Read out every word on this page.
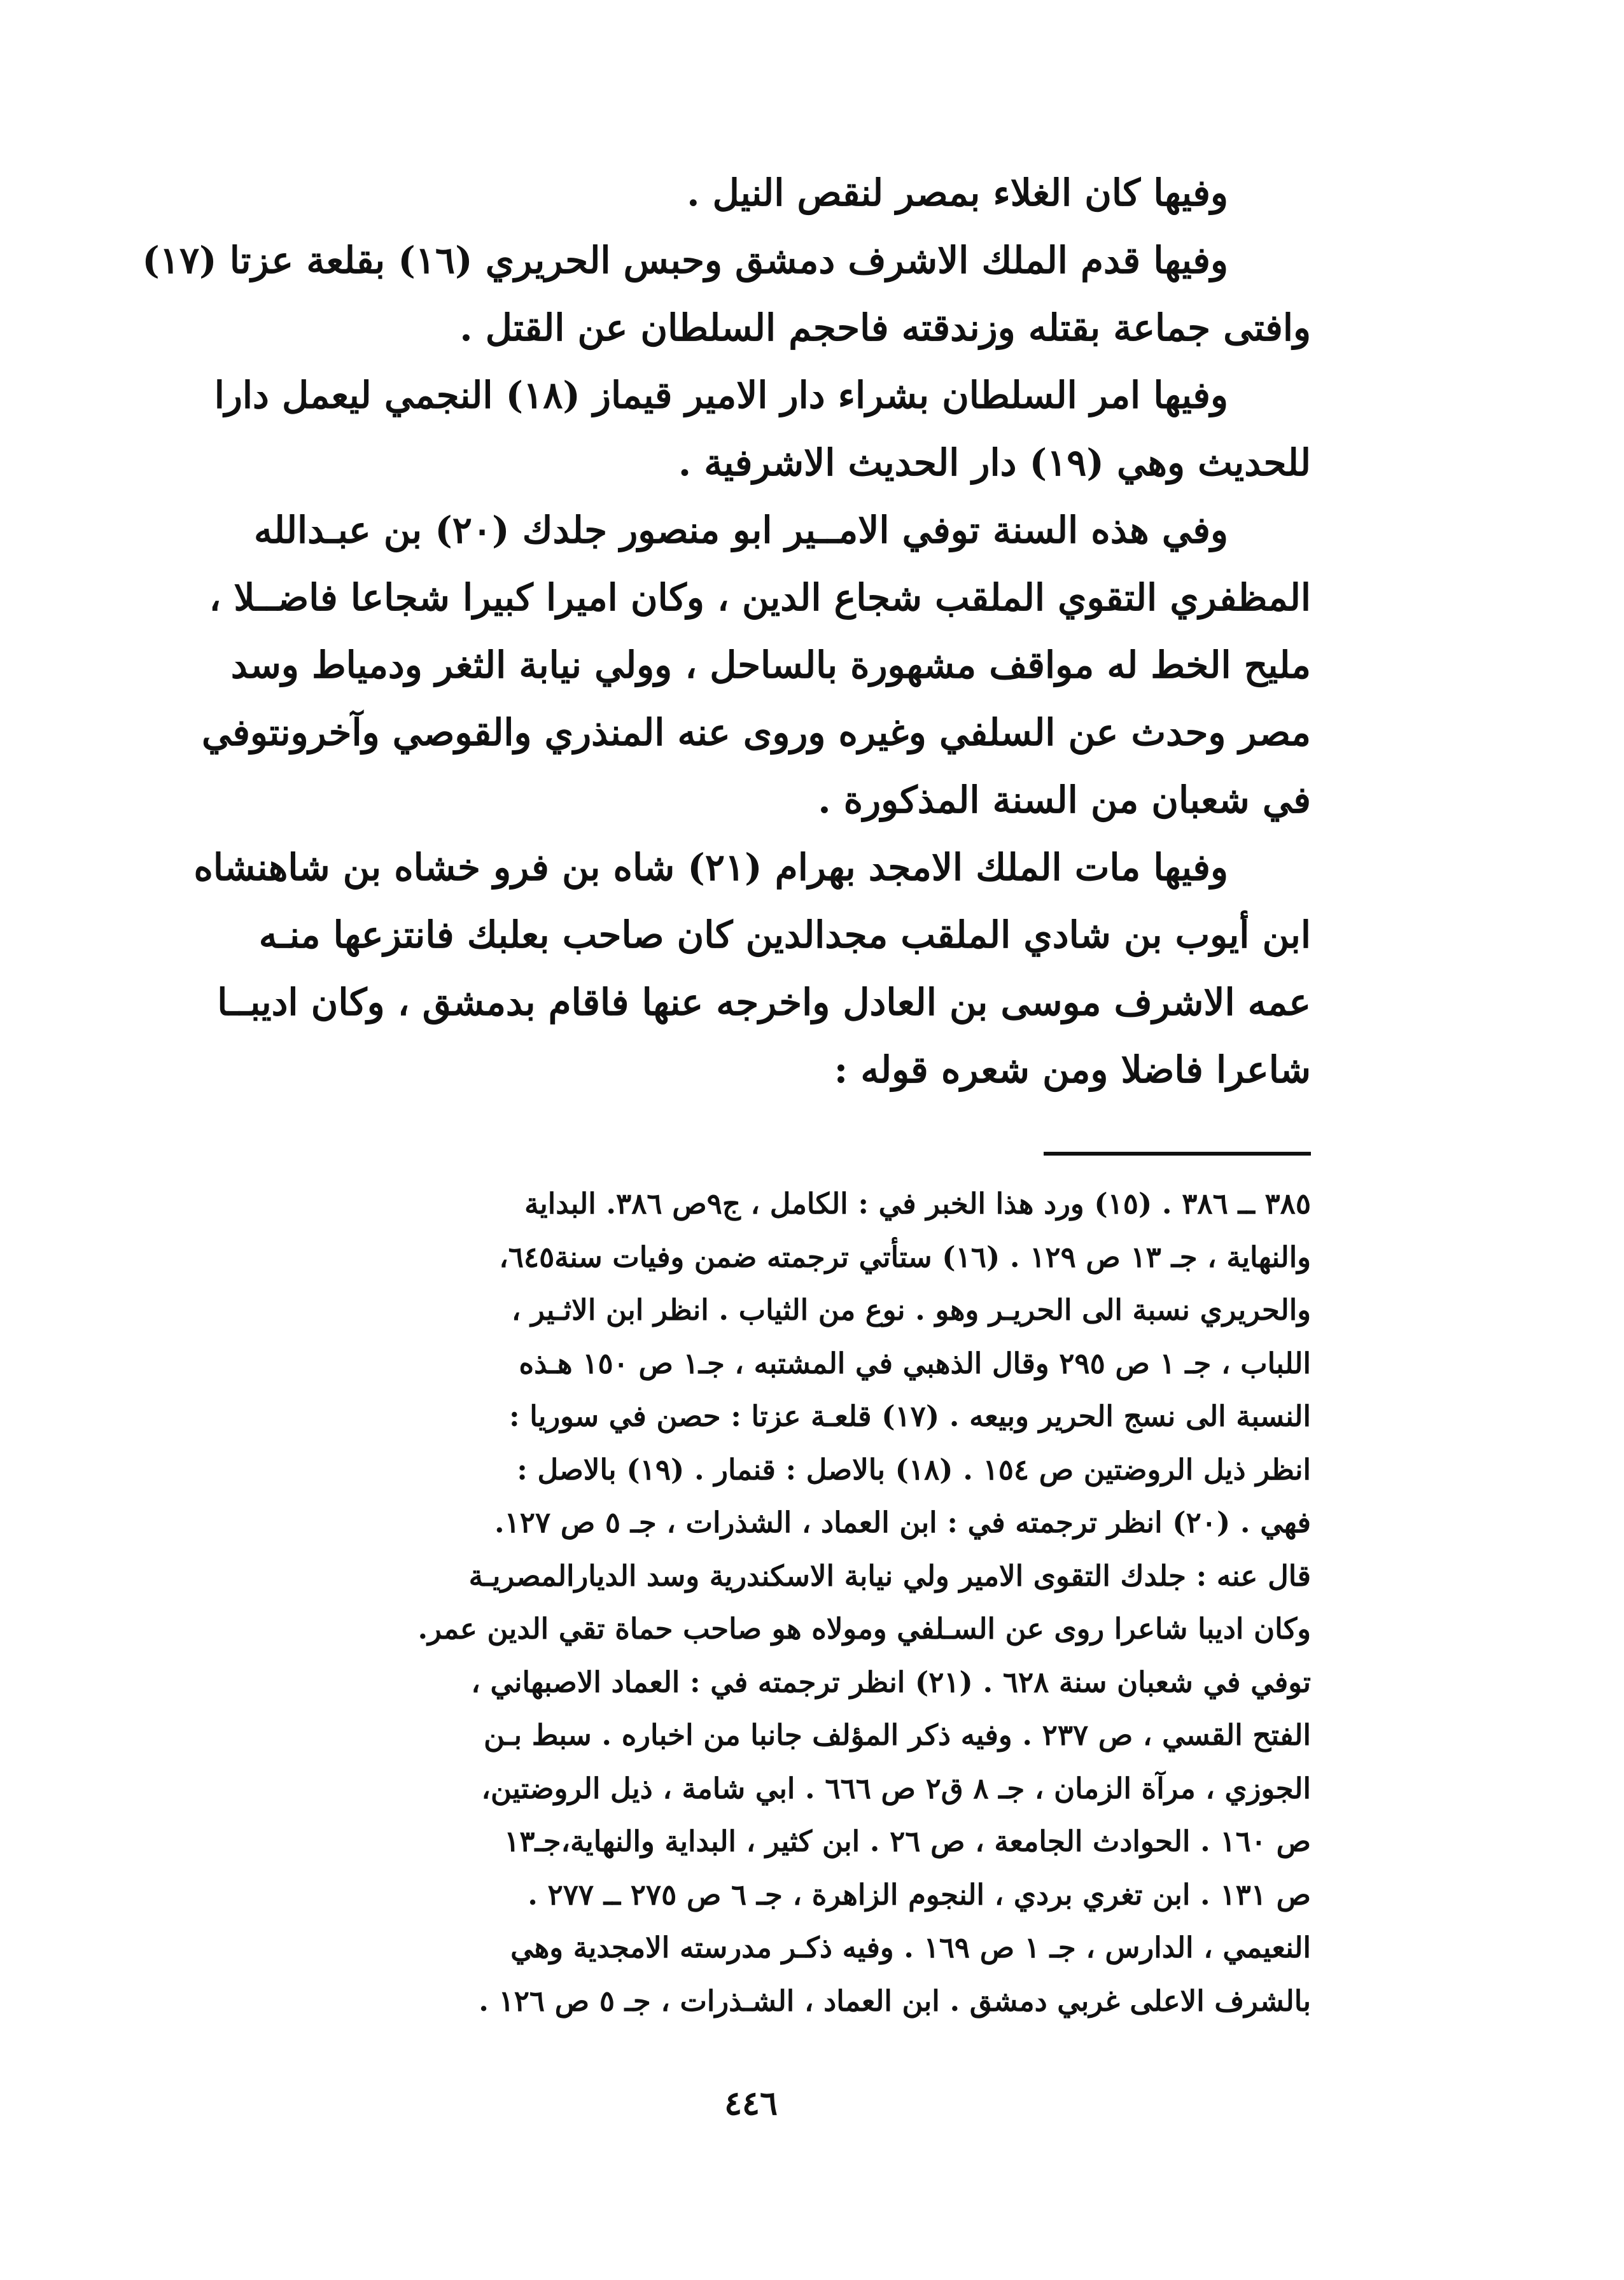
وفيها كان الغلاء بمصر لنقص النيل .

وفيها قدم الملك الاشرف دمشق وحبس الحريري (١٦) بقلعة عزتا (١٧)
وافتى جماعة بقتله وزندقته فاحجم السلطان عن القتل .

وفيها امر السلطان بشراء دار الامير قيماز (١٨) النجمي ليعمل دارا
للحديث وهي (١٩) دار الحديث الاشرفية .

وفي هذه السنة توفي الامــير ابو منصور جلدك (٢٠) بن عبـدالله
المظفري التقوي الملقب شجاع الدين ، وكان اميرا كبيرا شجاعا فاضــلا ،
مليح الخط له مواقف مشهورة بالساحل ، وولي نيابة الثغر ودمياط وسد
مصر وحدث عن السلفي وغيره وروى عنه المنذري والقوصي وآخرونتوفي
في شعبان من السنة المذكورة .

وفيها مات الملك الامجد بهرام (٢١) شاه بن فرو خشاه بن شاهنشاه
ابن أيوب بن شادي الملقب مجدالدين كان صاحب بعلبك فانتزعها منـه
عمه الاشرف موسى بن العادل واخرجه عنها فاقام بدمشق ، وكان اديبــا
شاعرا فاضلا ومن شعره قوله :

٣٨٥ ــ ٣٨٦ . (١٥) ورد هذا الخبر في : الكامل ، ج٩ص ٣٨٦. البداية
والنهاية ، جـ ١٣ ص ١٢٩ . (١٦) ستأتي ترجمته ضمن وفيات سنة٦٤٥،
والحريري نسبة الى الحريـر وهو . نوع من الثياب . انظر ابن الاثـير ،
اللباب ، جـ ١ ص ٢٩٥ وقال الذهبي في المشتبه ، جـ١ ص ١٥٠ هـذه
النسبة الى نسج الحرير وبيعه . (١٧) قلعـة عزتا : حصن في سوريا :
انظر ذيل الروضتين ص ١٥٤ . (١٨) بالاصل : قنمار . (١٩) بالاصل :
فهي . (٢٠) انظر ترجمته في : ابن العماد ، الشذرات ، جـ ٥ ص ١٢٧.
قال عنه : جلدك التقوى الامير ولي نيابة الاسكندرية وسد الديارالمصريـة
وكان اديبا شاعرا روى عن السـلفي ومولاه هو صاحب حماة تقي الدين عمر.
توفي في شعبان سنة ٦٢٨ . (٢١) انظر ترجمته في : العماد الاصبهاني ،
الفتح القسي ، ص ٢٣٧ . وفيه ذكر المؤلف جانبا من اخباره . سبط بـن
الجوزي ، مرآة الزمان ، جـ ٨ ق٢ ص ٦٦٦ . ابي شامة ، ذيل الروضتين،
ص ١٦٠ . الحوادث الجامعة ، ص ٢٦ . ابن كثير ، البداية والنهاية،جـ١٣
ص ١٣١ . ابن تغري بردي ، النجوم الزاهرة ، جـ ٦ ص ٢٧٥ ــ ٢٧٧ .
النعيمي ، الدارس ، جـ ١ ص ١٦٩ . وفيه ذكـر مدرسته الامجدية وهي
بالشرف الاعلى غربي دمشق . ابن العماد ، الشـذرات ، جـ ٥ ص ١٢٦ .
٤٤٦
